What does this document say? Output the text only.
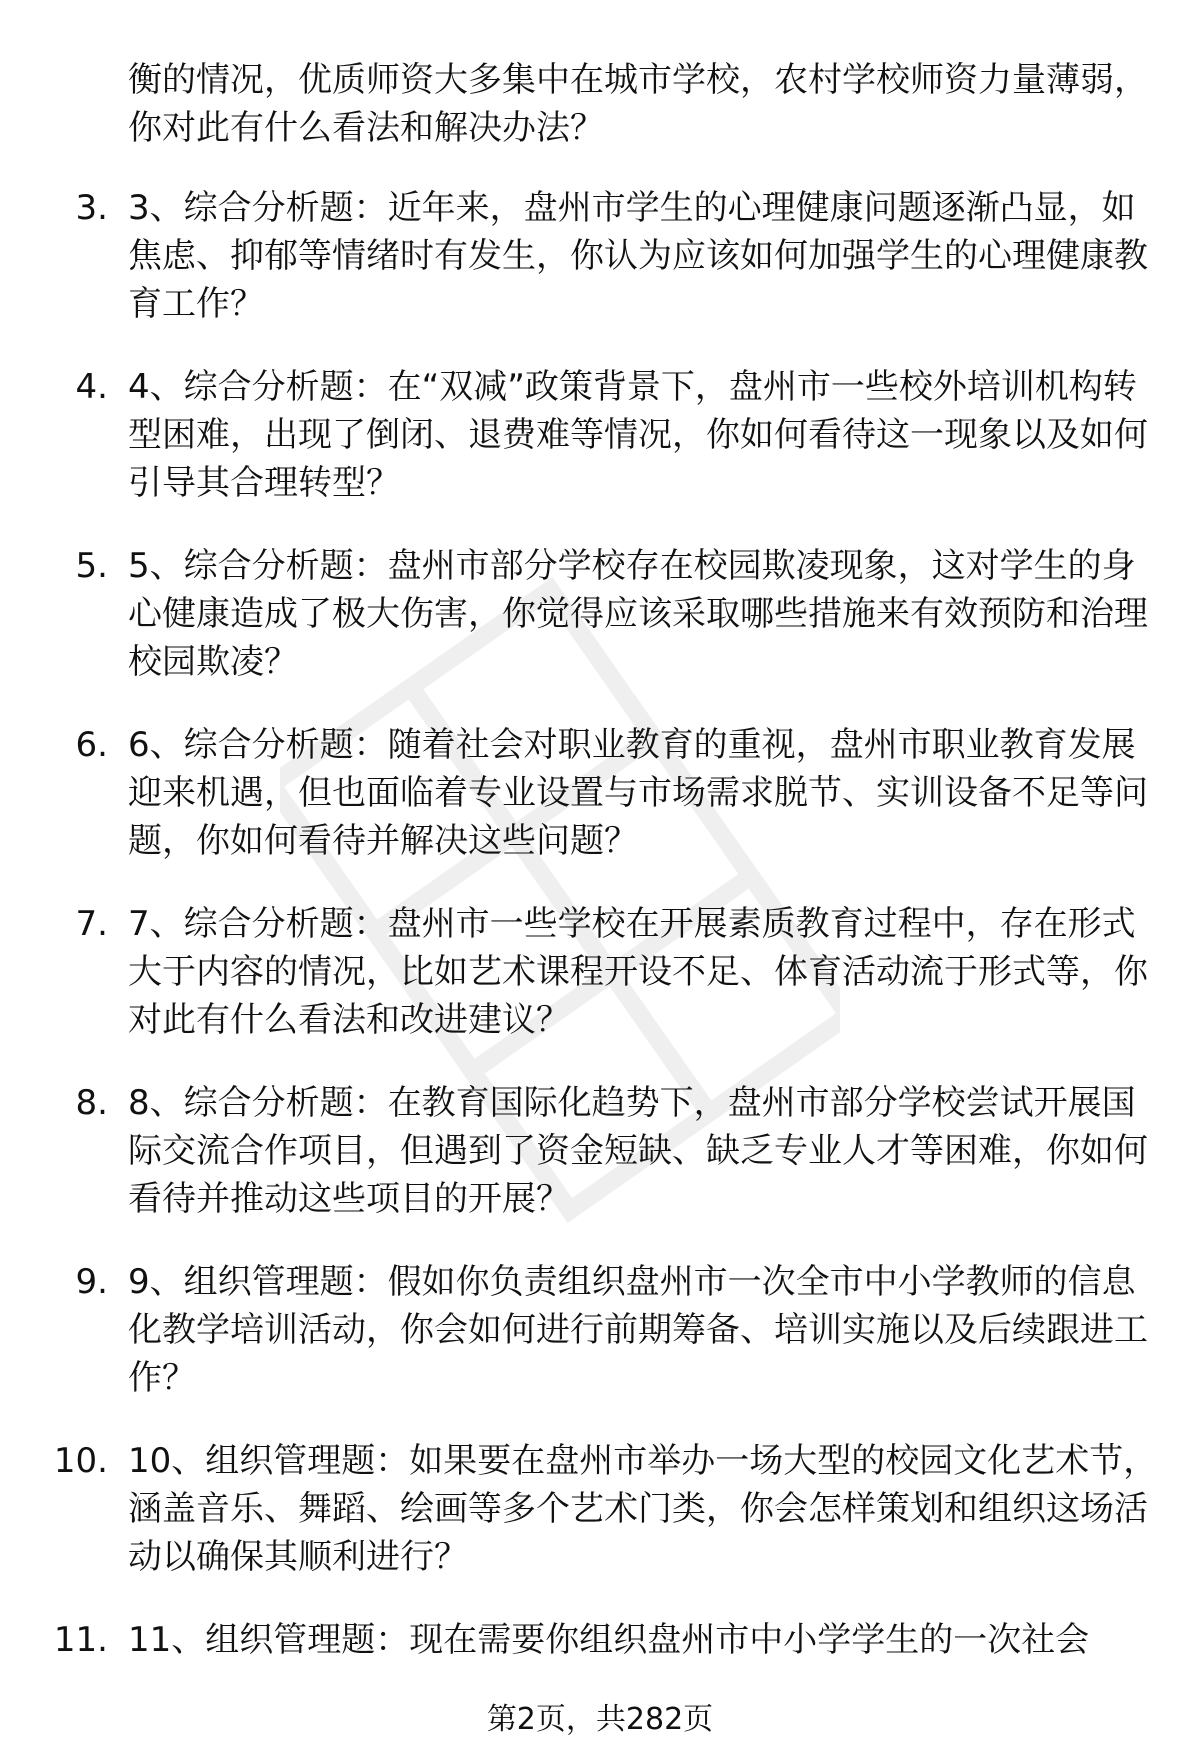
衡的情况，优质师资大多集中在城市学校，农村学校师资力量薄弱，你对此有什么看法和解决办法？
3. 3、综合分析题：近年来，盘州市学生的心理健康问题逐渐凸显，如焦虑、抑郁等情绪时有发生，你认为应该如何加强学生的心理健康教育工作？
4. 4、综合分析题：在“双减”政策背景下，盘州市一些校外培训机构转型困难，出现了倒闭、退费难等情况，你如何看待这一现象以及如何引导其合理转型？
5. 5、综合分析题：盘州市部分学校存在校园欺凌现象，这对学生的身心健康造成了极大伤害，你觉得应该采取哪些措施来有效预防和治理校园欺凌？
6. 6、综合分析题：随着社会对职业教育的重视，盘州市职业教育发展迎来机遇，但也面临着专业设置与市场需求脱节、实训设备不足等问题，你如何看待并解决这些问题？
7. 7、综合分析题：盘州市一些学校在开展素质教育过程中，存在形式大于内容的情况，比如艺术课程开设不足、体育活动流于形式等，你对此有什么看法和改进建议？
8. 8、综合分析题：在教育国际化趋势下，盘州市部分学校尝试开展国际交流合作项目，但遇到了资金短缺、缺乏专业人才等困难，你如何看待并推动这些项目的开展？
9. 9、组织管理题：假如你负责组织盘州市一次全市中小学教师的信息化教学培训活动，你会如何进行前期筹备、培训实施以及后续跟进工作？
10. 10、组织管理题：如果要在盘州市举办一场大型的校园文化艺术节，涵盖音乐、舞蹈、绘画等多个艺术门类，你会怎样策划和组织这场活动以确保其顺利进行？
11. 11、组织管理题：现在需要你组织盘州市中小学学生的一次社会
第2页，共282页
